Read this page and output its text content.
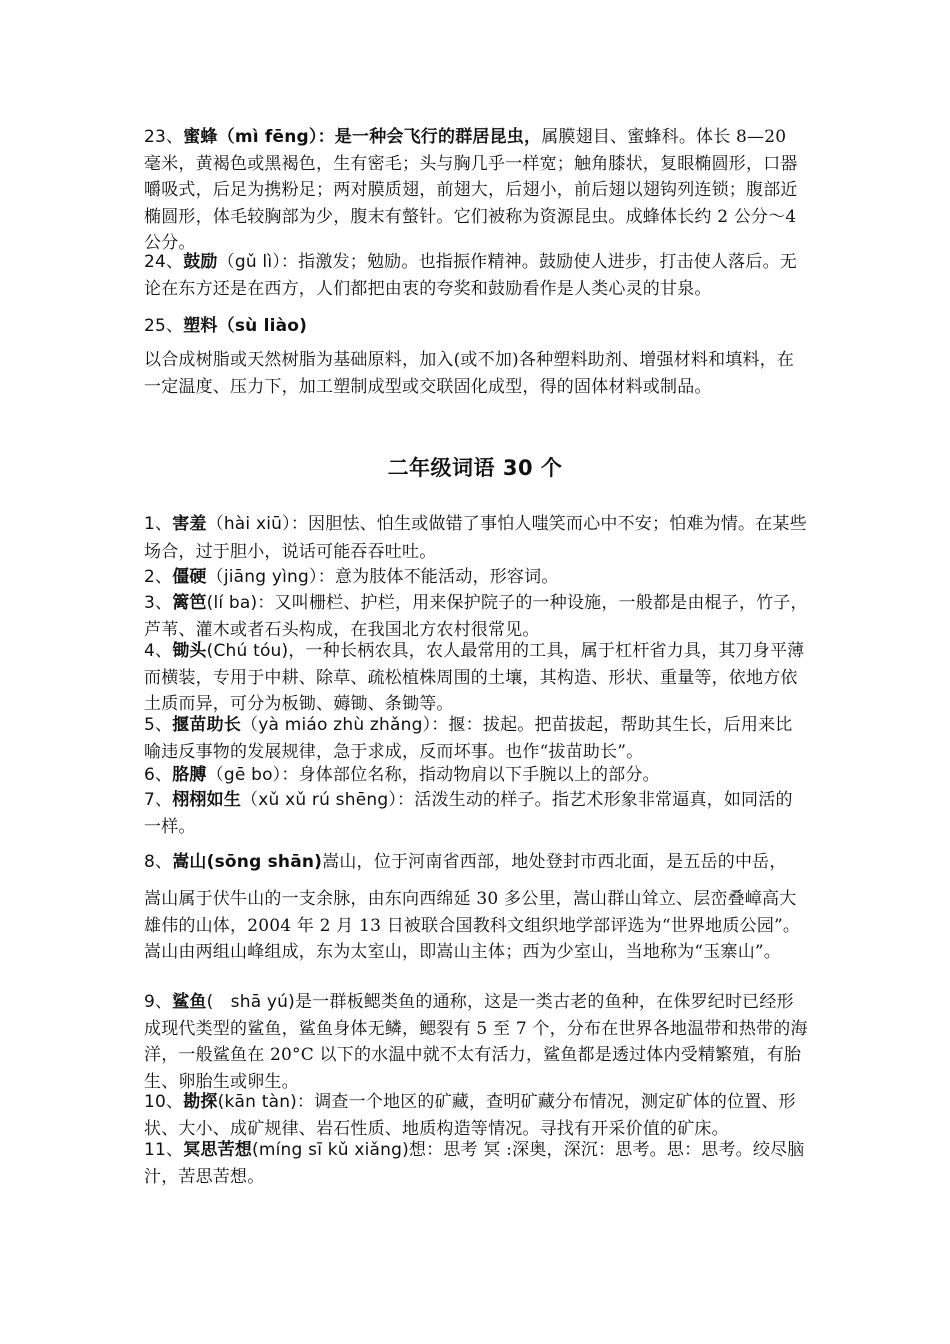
23、蜜蜂（mì fēng）：是一种会飞行的群居昆虫，属膜翅目、蜜蜂科。体长 8—20 毫米，黄褐色或黑褐色，生有密毛；头与胸几乎一样宽；触角膝状，复眼椭圆形，口器嚼吸式，后足为携粉足；两对膜质翅，前翅大，后翅小，前后翅以翅钩列连锁；腹部近椭圆形，体毛较胸部为少，腹末有螫针。它们被称为资源昆虫。成蜂体长约 2 公分～4 公分。

24、鼓励（gǔ lì）：指激发；勉励。也指振作精神。鼓励使人进步，打击使人落后。无论在东方还是在西方，人们都把由衷的夸奖和鼓励看作是人类心灵的甘泉。

25、塑料（sù liào)

以合成树脂或天然树脂为基础原料，加入(或不加)各种塑料助剂、增强材料和填料，在一定温度、压力下，加工塑制成型或交联固化成型，得的固体材料或制品。

二年级词语 30 个

1、害羞（hài xiū）：因胆怯、怕生或做错了事怕人嗤笑而心中不安；怕难为情。在某些场合，过于胆小，说话可能吞吞吐吐。

2、僵硬（jiāng yìng）：意为肢体不能活动，形容词。

3、篱笆(lí ba)：又叫栅栏、护栏，用来保护院子的一种设施，一般都是由棍子，竹子，芦苇、灌木或者石头构成，在我国北方农村很常见。

4、锄头(Chú tóu)，一种长柄农具，农人最常用的工具，属于杠杆省力具，其刀身平薄而横装，专用于中耕、除草、疏松植株周围的土壤，其构造、形状、重量等，依地方依土质而异，可分为板锄、薅锄、条锄等。

5、揠苗助长（yà miáo zhù zhǎng）：揠：拔起。把苗拔起，帮助其生长，后用来比喻违反事物的发展规律，急于求成，反而坏事。也作“拔苗助长”。

6、胳膊（gē bo）：身体部位名称，指动物肩以下手腕以上的部分。

7、栩栩如生（xǔ xǔ rú shēng）：活泼生动的样子。指艺术形象非常逼真，如同活的一样。

8、嵩山(sōng shān)嵩山，位于河南省西部，地处登封市西北面，是五岳的中岳，

嵩山属于伏牛山的一支余脉，由东向西绵延 30 多公里，嵩山群山耸立、层峦叠嶂高大雄伟的山体，2004 年 2 月 13 日被联合国教科文组织地学部评选为“世界地质公园”。嵩山由两组山峰组成，东为太室山，即嵩山主体；西为少室山，当地称为“玉寨山”。

9、鲨鱼(　shā yú)是一群板鳃类鱼的通称，这是一类古老的鱼种，在侏罗纪时已经形成现代类型的鲨鱼，鲨鱼身体无鳞，鳃裂有 5 至 7 个，分布在世界各地温带和热带的海洋，一般鲨鱼在 20°C 以下的水温中就不太有活力，鲨鱼都是透过体内受精繁殖，有胎生、卵胎生或卵生。

10、勘探(kān tàn)：调查一个地区的矿藏，查明矿藏分布情况，测定矿体的位置、形状、大小、成矿规律、岩石性质、地质构造等情况。寻找有开采价值的矿床。

11、冥思苦想(míng sī kǔ xiǎng)想：思考 冥 :深奥，深沉：思考。思：思考。绞尽脑汁，苦思苦想。
